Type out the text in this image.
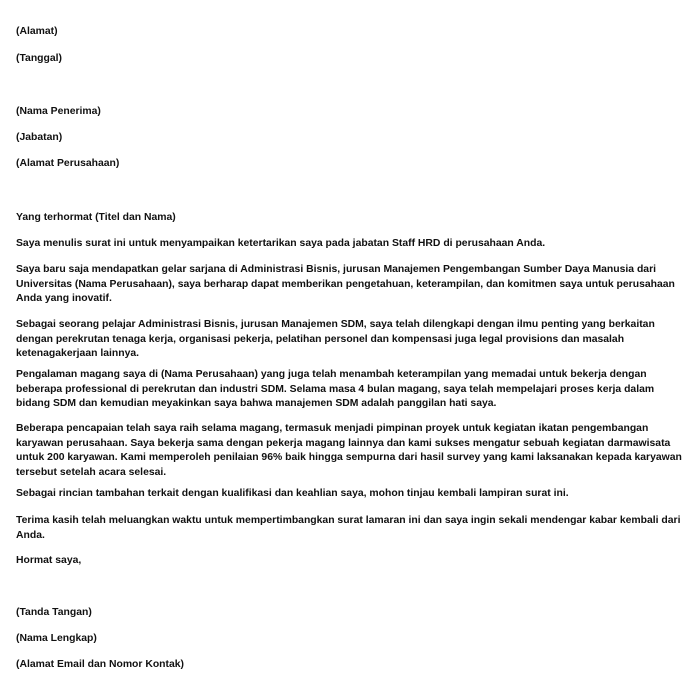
(Alamat)
(Tanggal)
(Nama Penerima)
(Jabatan)
(Alamat Perusahaan)
Yang terhormat (Titel dan Nama)
Saya menulis surat ini untuk menyampaikan ketertarikan saya pada jabatan Staff HRD di perusahaan Anda.
Saya baru saja mendapatkan gelar sarjana di Administrasi Bisnis, jurusan Manajemen Pengembangan Sumber Daya Manusia dari Universitas (Nama Perusahaan), saya berharap dapat memberikan pengetahuan, keterampilan, dan komitmen saya untuk perusahaan Anda yang inovatif.
Sebagai seorang pelajar Administrasi Bisnis, jurusan Manajemen SDM, saya telah dilengkapi dengan ilmu penting yang berkaitan dengan perekrutan tenaga kerja, organisasi pekerja, pelatihan personel dan kompensasi juga legal provisions dan masalah ketenagakerjaan lainnya.
Pengalaman magang saya di (Nama Perusahaan) yang juga telah menambah keterampilan yang memadai untuk bekerja dengan beberapa professional di perekrutan dan industri SDM. Selama masa 4 bulan magang, saya telah mempelajari proses kerja dalam bidang SDM dan kemudian meyakinkan saya bahwa manajemen SDM adalah panggilan hati saya.
Beberapa pencapaian telah saya raih selama magang, termasuk menjadi pimpinan proyek untuk kegiatan ikatan pengembangan karyawan perusahaan. Saya bekerja sama dengan pekerja magang lainnya dan kami sukses mengatur sebuah kegiatan darmawisata untuk 200 karyawan. Kami memperoleh penilaian 96% baik hingga sempurna dari hasil survey yang kami laksanakan kepada karyawan tersebut setelah acara selesai.
Sebagai rincian tambahan terkait dengan kualifikasi dan keahlian saya, mohon tinjau kembali lampiran surat ini.
Terima kasih telah meluangkan waktu untuk mempertimbangkan surat lamaran ini dan saya ingin sekali mendengar kabar kembali dari Anda.
Hormat saya,
(Tanda Tangan)
(Nama Lengkap)
(Alamat Email dan Nomor Kontak)
